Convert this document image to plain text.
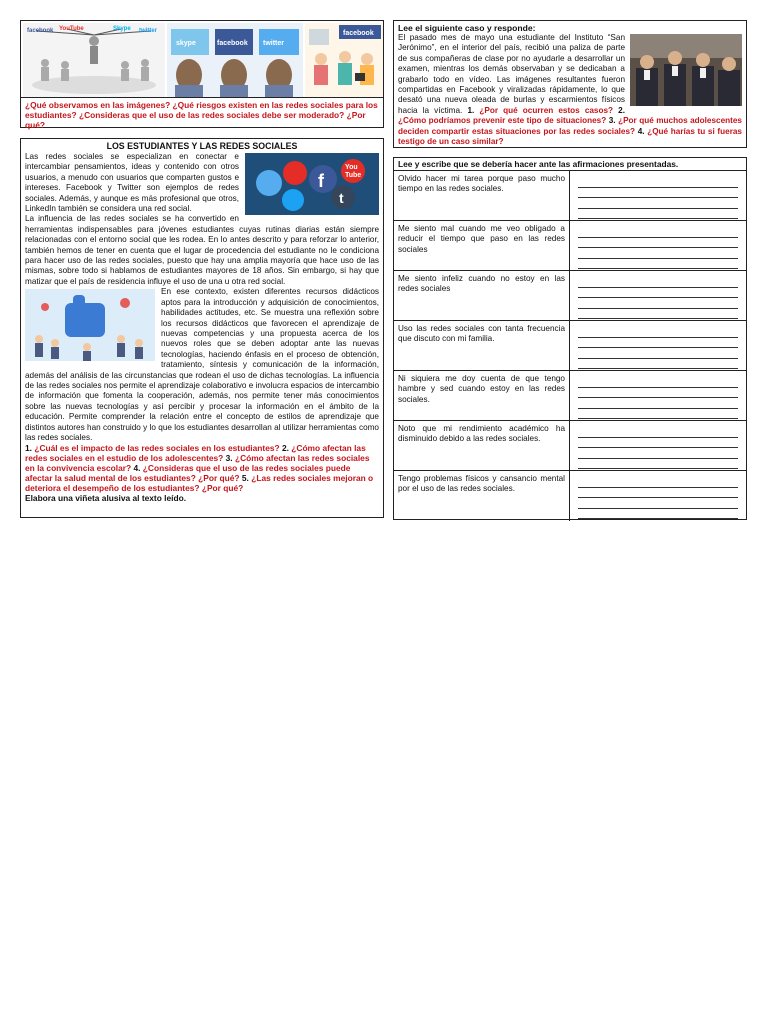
facebook YouTube	Skype twitter
skype	facebook twitter
facebook

¿Qué observamos en las imágenes? ¿Qué riesgos existen en las redes sociales para los estudiantes? ¿Consideras que el uso de las redes sociales debe ser moderado? ¿Por qué?

LOS ESTUDIANTES Y LAS REDES SOCIALES
You
Tube
t
f

Las redes sociales se especializan en conectar e intercambiar pensamientos, ideas y contenido con otros usuarios, a menudo con usuarios que comparten gustos e intereses. Facebook y Twitter son ejemplos de redes sociales. Además, y aunque es más profesional que otros, LinkedIn también se considera una red social.

La influencia de las redes sociales se ha convertido en herramientas indispensables para jóvenes estudiantes cuyas rutinas diarias están siempre relacionadas con el entorno social que les rodea. En lo antes descrito y para reforzar lo anterior, también hemos de tener en cuenta que el lugar de procedencia del estudiante no le condiciona para hacer uso de las redes sociales, puesto que hay una amplia mayoría que hace uso de las mismas, sobre todo si hablamos de estudiantes mayores de 18 años. Sin embargo, si hay que matizar que el país de residencia influye el uso de una u otra red social.

En ese contexto, existen diferentes recursos didácticos aptos para la introducción y adquisición de conocimientos, habilidades actitudes, etc. Se muestra una reflexión sobre los recursos didácticos que favorecen el aprendizaje de nuevas competencias y una propuesta acerca de los nuevos roles que se deben adoptar ante las nuevas tecnologías, haciendo énfasis en el proceso de obtención, tratamiento, síntesis y comunicación de la información, además del análisis de las circunstancias que rodean el uso de dichas tecnologías. La influencia de las redes sociales nos permite el aprendizaje colaborativo e involucra espacios de intercambio de información que fomenta la cooperación, además, nos permite tener más conocimientos sobre las nuevas tecnologías y así percibir y procesar la información en el ámbito de la educación. Permite comprender la relación entre el concepto de estilos de aprendizaje que distintos autores han construido y lo que los estudiantes desarrollan al utilizar herramientas como las redes sociales.

1. ¿Cuál es el impacto de las redes sociales en los estudiantes? 2. ¿Cómo afectan las redes sociales en el estudio de los adolescentes? 3. ¿Cómo afectan las redes sociales en la convivencia escolar? 4. ¿Consideras que el uso de las redes sociales puede afectar la salud mental de los estudiantes? ¿Por qué? 5. ¿Las redes sociales mejoran o deteriora el desempeño de los estudiantes? ¿Por qué?

Elabora una viñeta alusiva al texto leído.

Lee el siguiente caso y responde:

El pasado mes de mayo una estudiante del Instituto “San Jerónimo”, en el interior del país, recibió una paliza de parte de sus compañeras de clase por no ayudarle a desarrollar un examen, mientras los demás observaban y se dedicaban a grabarlo todo en vídeo. Las imágenes resultantes fueron compartidas en Facebook y viralizadas rápidamente, lo que desató una nueva oleada de burlas y escarmientos físicos hacia la víctima. 1. ¿Por qué ocurren estos casos? 2. ¿Cómo podríamos prevenir este tipo de situaciones? 3. ¿Por qué muchos adolescentes deciden compartir estas situaciones por las redes sociales? 4. ¿Qué harías tu si fueras testigo de un caso similar?

Lee y escribe que se debería hacer ante las afirmaciones presentadas.
Olvido hacer mi tarea porque paso mucho tiempo en las redes sociales.
Me siento mal cuando me veo obligado a reducir el tiempo que paso en las redes sociales
Me siento infeliz cuando no estoy en las redes sociales
Uso las redes sociales con tanta frecuencia que discuto con mi familia.
Ni siquiera me doy cuenta de que tengo hambre y sed cuando estoy en las redes sociales.
Noto que mi rendimiento académico ha disminuido debido a las redes sociales.
Tengo problemas físicos y cansancio mental por el uso de las redes sociales.
